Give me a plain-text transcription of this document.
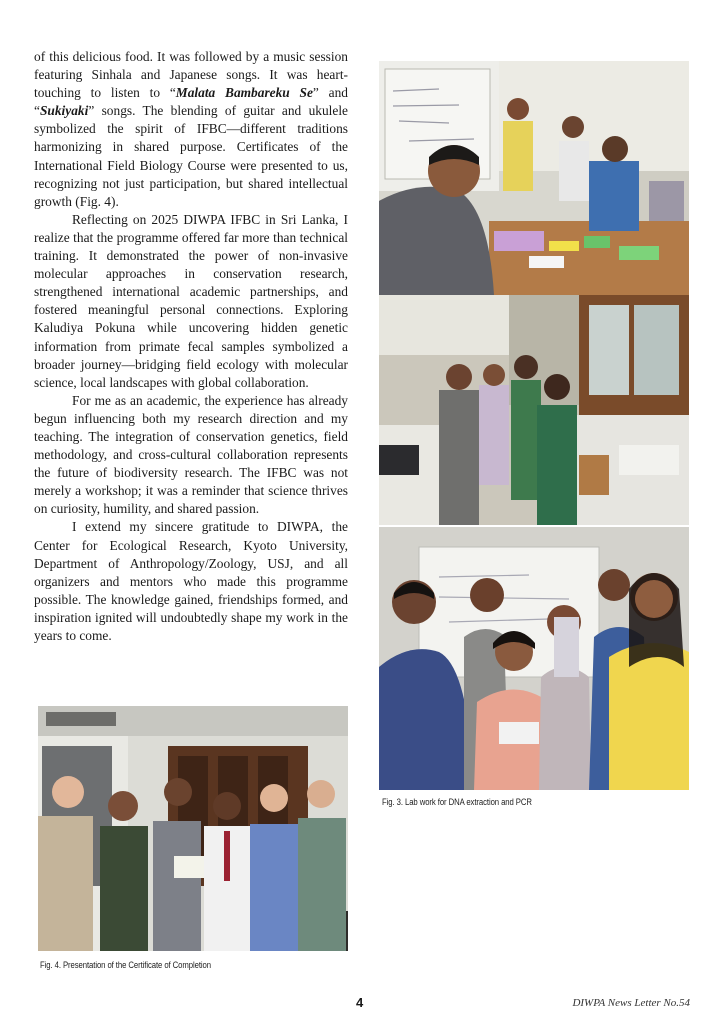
of this delicious food. It was followed by a music session featuring Sinhala and Japanese songs. It was heart-touching to listen to “Malata Bambareku Se” and “Sukiyaki” songs. The blending of guitar and ukulele symbolized the spirit of IFBC—different traditions harmonizing in shared purpose. Certificates of the International Field Biology Course were presented to us, recognizing not just participation, but shared intellectual growth (Fig. 4).

Reflecting on 2025 DIWPA IFBC in Sri Lanka, I realize that the programme offered far more than technical training. It demonstrated the power of non-invasive molecular approaches in conservation research, strengthened international academic partnerships, and fostered meaningful personal connections. Exploring Kaludiya Pokuna while uncovering hidden genetic information from primate fecal samples symbolized a broader journey—bridging field ecology with molecular science, local landscapes with global collaboration.

For me as an academic, the experience has already begun influencing both my research direction and my teaching. The integration of conservation genetics, field methodology, and cross-cultural collaboration represents the future of biodiversity research. The IFBC was not merely a workshop; it was a reminder that science thrives on curiosity, humility, and shared passion.

I extend my sincere gratitude to DIWPA, the Center for Ecological Research, Kyoto University, Department of Anthropology/Zoology, USJ, and all organizers and mentors who made this programme possible. The knowledge gained, friendships formed, and inspiration ignited will undoubtedly shape my work in the years to come.

Fig. 3. Lab work for DNA extraction and PCR
Fig. 4. Presentation of the Certificate of Completion
4	DIWPA News Letter No.54
